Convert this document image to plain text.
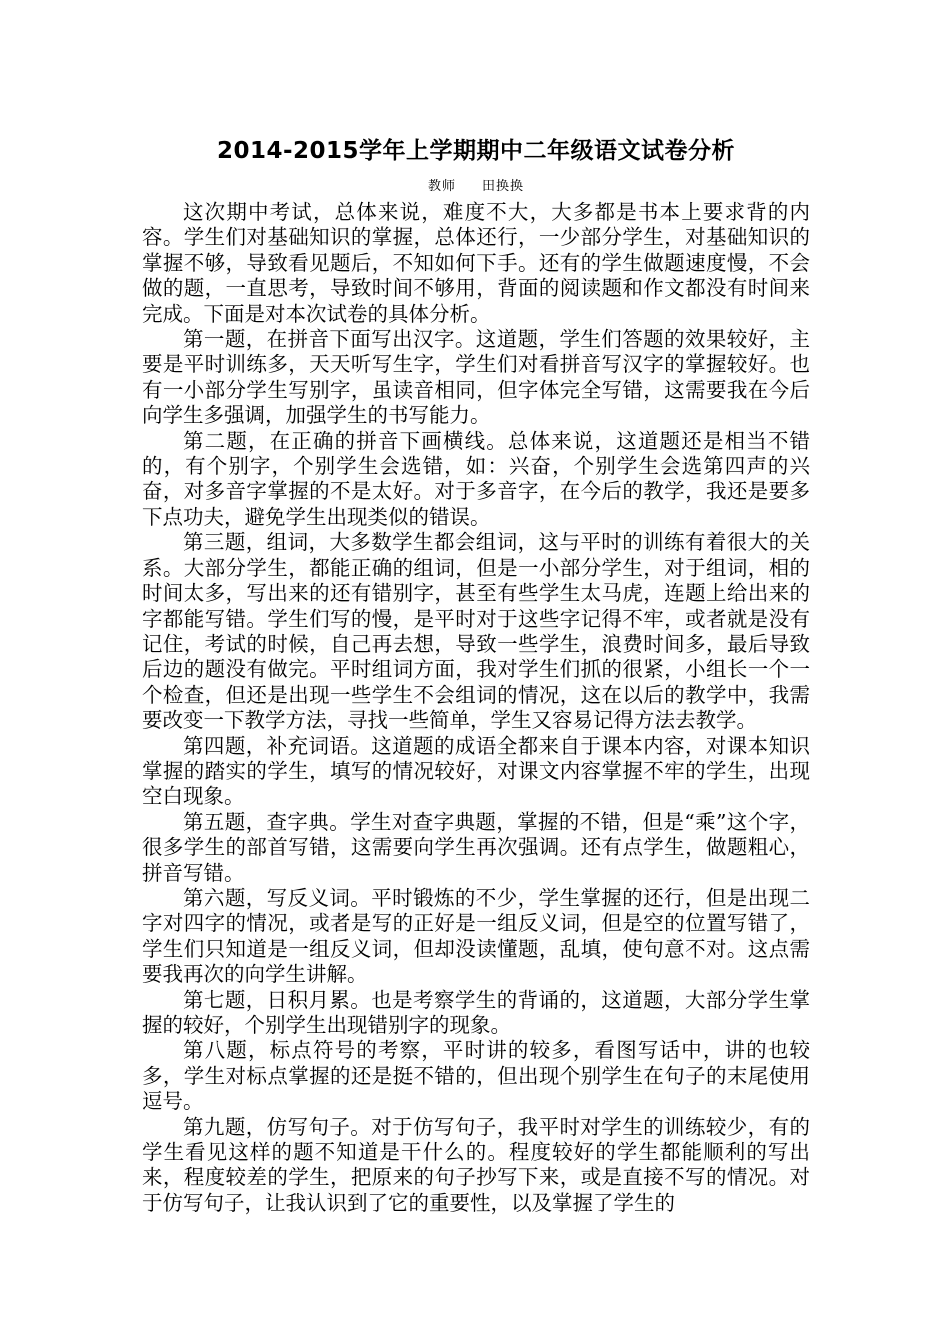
2014-2015学年上学期期中二年级语文试卷分析
教师 田换换

这次期中考试，总体来说，难度不大，大多都是书本上要求背的内容。学生们对基础知识的掌握，总体还行，一少部分学生，对基础知识的掌握不够，导致看见题后，不知如何下手。还有的学生做题速度慢，不会做的题，一直思考，导致时间不够用，背面的阅读题和作文都没有时间来完成。下面是对本次试卷的具体分析。

第一题，在拼音下面写出汉字。这道题，学生们答题的效果较好，主要是平时训练多，天天听写生字，学生们对看拼音写汉字的掌握较好。也有一小部分学生写别字，虽读音相同，但字体完全写错，这需要我在今后向学生多强调，加强学生的书写能力。

第二题，在正确的拼音下画横线。总体来说，这道题还是相当不错的，有个别字，个别学生会选错，如：兴奋，个别学生会选第四声的兴奋，对多音字掌握的不是太好。对于多音字，在今后的教学，我还是要多下点功夫，避免学生出现类似的错误。

第三题，组词，大多数学生都会组词，这与平时的训练有着很大的关系。大部分学生，都能正确的组词，但是一小部分学生，对于组词，相的时间太多，写出来的还有错别字，甚至有些学生太马虎，连题上给出来的字都能写错。学生们写的慢，是平时对于这些字记得不牢，或者就是没有记住，考试的时候，自己再去想，导致一些学生，浪费时间多，最后导致后边的题没有做完。平时组词方面，我对学生们抓的很紧，小组长一个一个检查，但还是出现一些学生不会组词的情况，这在以后的教学中，我需要改变一下教学方法，寻找一些简单，学生又容易记得方法去教学。

第四题，补充词语。这道题的成语全都来自于课本内容，对课本知识掌握的踏实的学生，填写的情况较好，对课文内容掌握不牢的学生，出现空白现象。

第五题，查字典。学生对查字典题，掌握的不错，但是“乘”这个字，很多学生的部首写错，这需要向学生再次强调。还有点学生，做题粗心，拼音写错。

第六题，写反义词。平时锻炼的不少，学生掌握的还行，但是出现二字对四字的情况，或者是写的正好是一组反义词，但是空的位置写错了，学生们只知道是一组反义词，但却没读懂题，乱填，使句意不对。这点需要我再次的向学生讲解。

第七题，日积月累。也是考察学生的背诵的，这道题，大部分学生掌握的较好，个别学生出现错别字的现象。

第八题，标点符号的考察，平时讲的较多，看图写话中，讲的也较多，学生对标点掌握的还是挺不错的，但出现个别学生在句子的末尾使用逗号。

第九题，仿写句子。对于仿写句子，我平时对学生的训练较少，有的学生看见这样的题不知道是干什么的。程度较好的学生都能顺利的写出来，程度较差的学生，把原来的句子抄写下来，或是直接不写的情况。对于仿写句子，让我认识到了它的重要性，以及掌握了学生的
